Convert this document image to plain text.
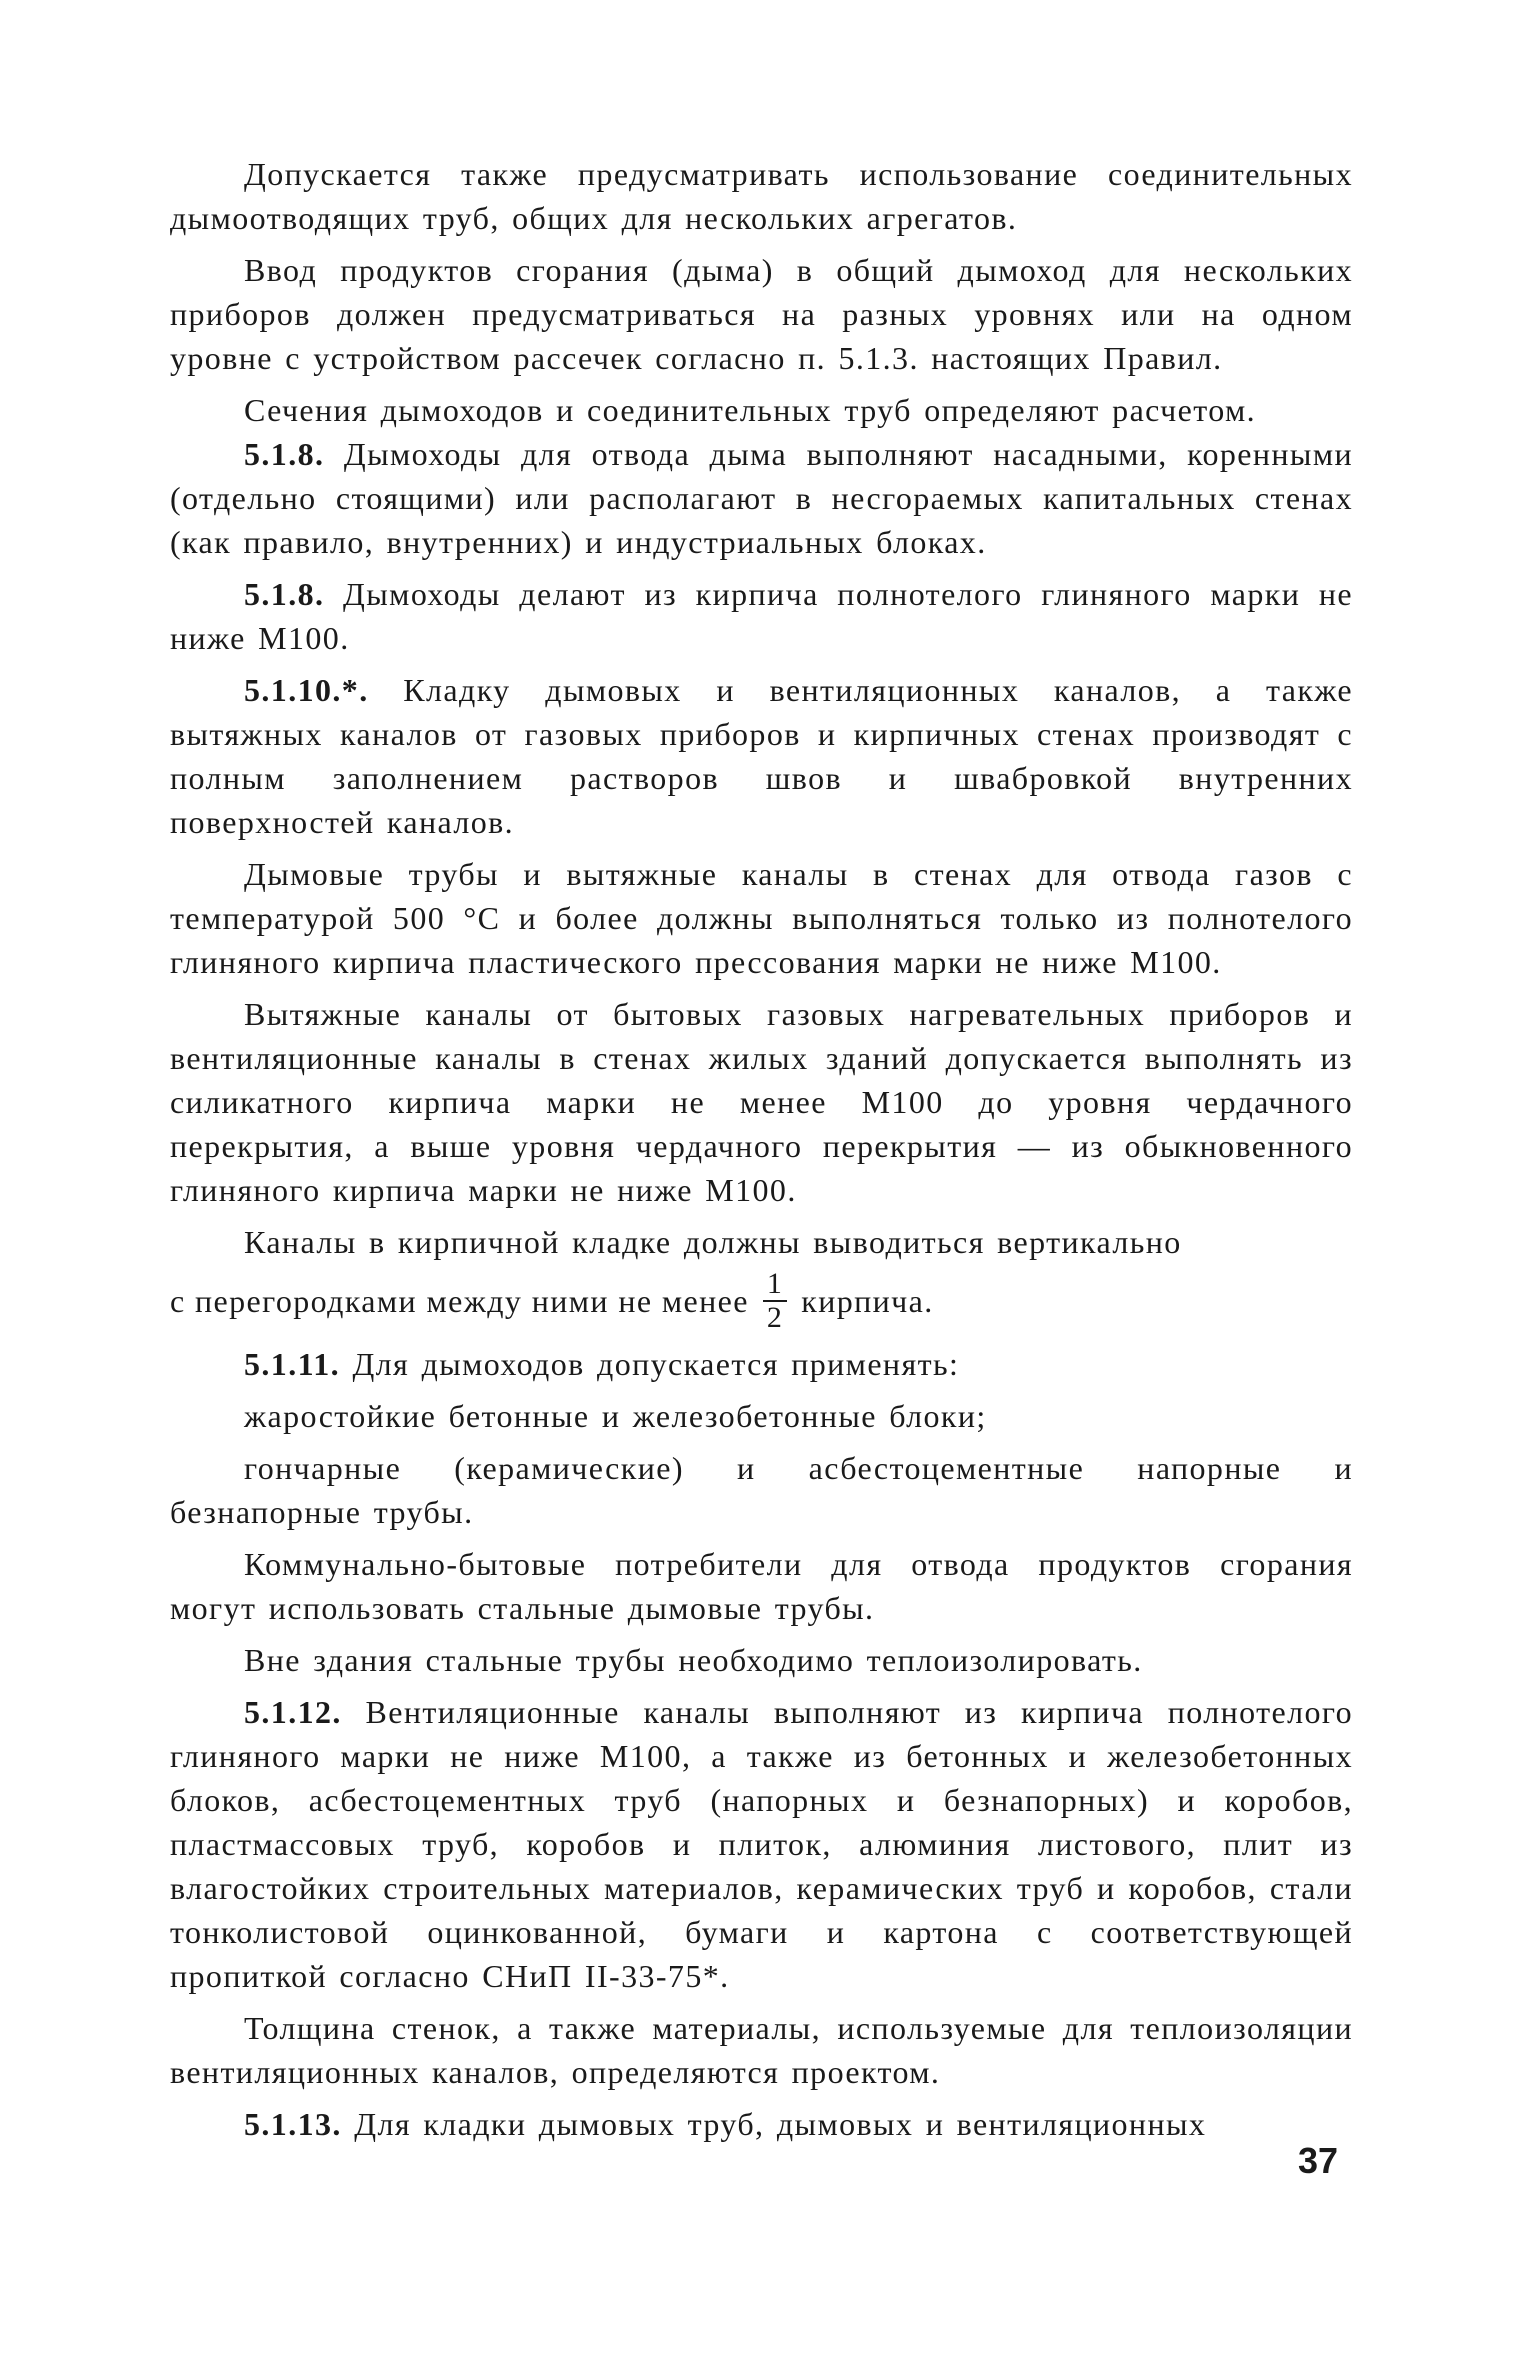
Допускается также предусматривать использование соединительных дымоотводящих труб, общих для нескольких агрегатов.

Ввод продуктов сгорания (дыма) в общий дымоход для нескольких приборов должен предусматриваться на разных уровнях или на одном уровне с устройством рассечек согласно п. 5.1.3. настоящих Правил.

Сечения дымоходов и соединительных труб определяют расчетом.

5.1.8. Дымоходы для отвода дыма выполняют насадными, коренными (отдельно стоящими) или располагают в несгораемых капитальных стенах (как правило, внутренних) и индустриальных блоках.

5.1.8. Дымоходы делают из кирпича полнотелого глиняного марки не ниже М100.

5.1.10.*. Кладку дымовых и вентиляционных каналов, а также вытяжных каналов от газовых приборов и кирпичных стенах производят с полным заполнением растворов швов и швабровкой внутренних поверхностей каналов.

Дымовые трубы и вытяжные каналы в стенах для отвода газов с температурой 500 °С и более должны выполняться только из полнотелого глиняного кирпича пластического прессования марки не ниже М100.

Вытяжные каналы от бытовых газовых нагревательных приборов и вентиляционные каналы в стенах жилых зданий допускается выполнять из силикатного кирпича марки не менее М100 до уровня чердачного перекрытия, а выше уровня чердачного перекрытия — из обыкновенного глиняного кирпича марки не ниже М100.

Каналы в кирпичной кладке должны выводиться вертикально

с перегородками между ними не менее $\frac{1}{2}$ кирпича.

5.1.11. Для дымоходов допускается применять:

жаростойкие бетонные и железобетонные блоки;

гончарные (керамические) и асбестоцементные напорные и безнапорные трубы.

Коммунально-бытовые потребители для отвода продуктов сгорания могут использовать стальные дымовые трубы.

Вне здания стальные трубы необходимо теплоизолировать.

5.1.12. Вентиляционные каналы выполняют из кирпича полнотелого глиняного марки не ниже М100, а также из бетонных и железобетонных блоков, асбестоцементных труб (напорных и безнапорных) и коробов, пластмассовых труб, коробов и плиток, алюминия листового, плит из влагостойких строительных материалов, керамических труб и коробов, стали тонколистовой оцинкованной, бумаги и картона с соответствующей пропиткой согласно СНиП II-33-75*.

Толщина стенок, а также материалы, используемые для теплоизоляции вентиляционных каналов, определяются проектом.

5.1.13. Для кладки дымовых труб, дымовых и вентиляционных

37
